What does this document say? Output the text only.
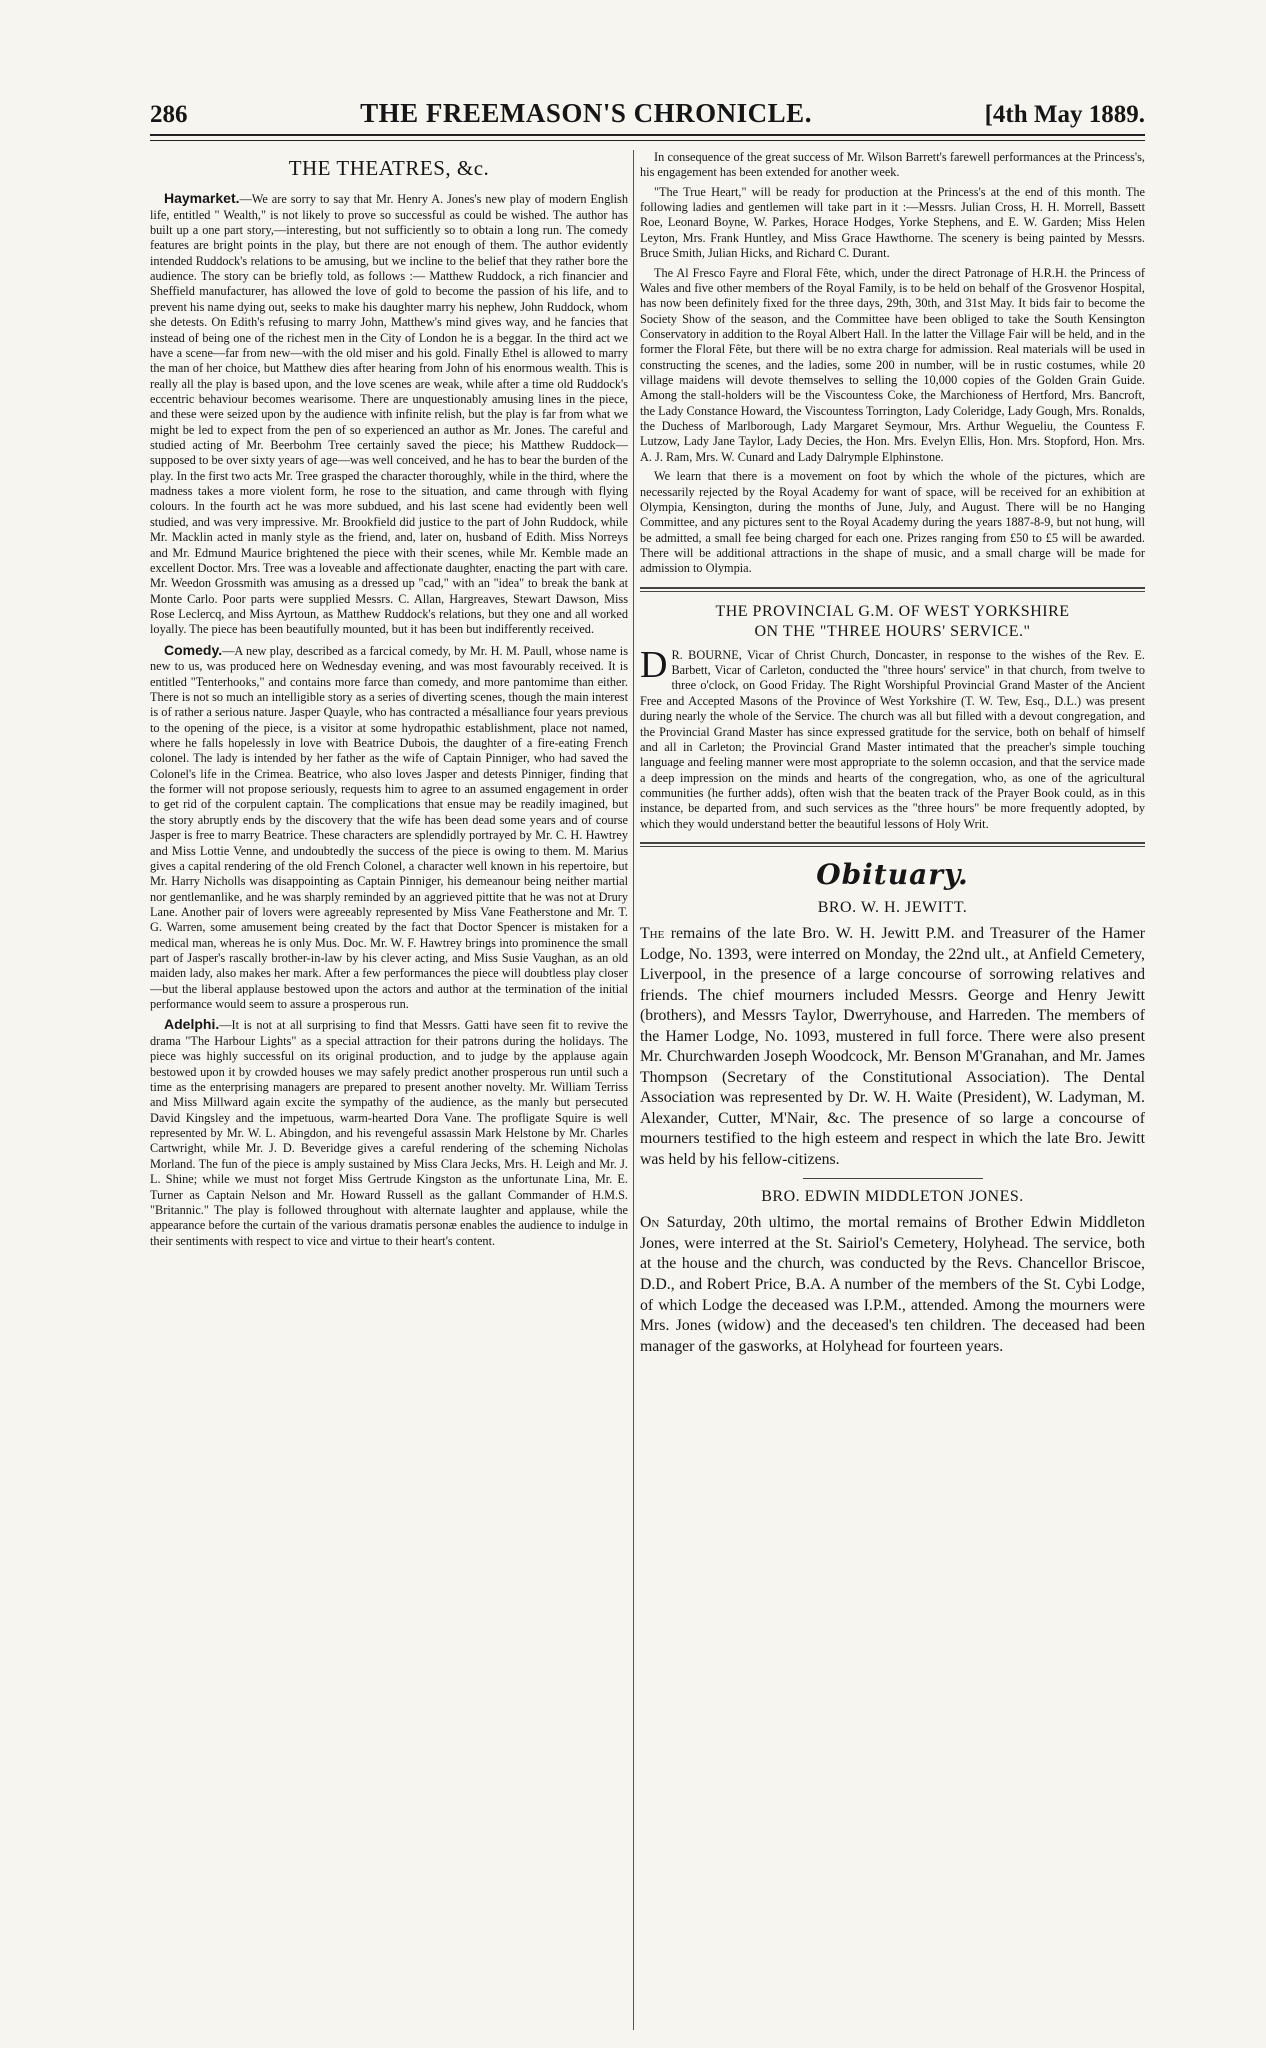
286	THE FREEMASON'S CHRONICLE.	[4th May 1889.
THE THEATRES, &c.

Haymarket.—We are sorry to say that Mr. Henry A. Jones's new play of modern English life, entitled " Wealth," is not likely to prove so successful as could be wished. The author has built up a one part story,—interesting, but not sufficiently so to obtain a long run. The comedy features are bright points in the play, but there are not enough of them. The author evidently intended Ruddock's relations to be amusing, but we incline to the belief that they rather bore the audience. The story can be briefly told, as follows :— Matthew Ruddock, a rich financier and Sheffield manufacturer, has allowed the love of gold to become the passion of his life, and to prevent his name dying out, seeks to make his daughter marry his nephew, John Ruddock, whom she detests. On Edith's refusing to marry John, Matthew's mind gives way, and he fancies that instead of being one of the richest men in the City of London he is a beggar. In the third act we have a scene—far from new—with the old miser and his gold. Finally Ethel is allowed to marry the man of her choice, but Matthew dies after hearing from John of his enormous wealth. This is really all the play is based upon, and the love scenes are weak, while after a time old Ruddock's eccentric behaviour becomes wearisome. There are unquestionably amusing lines in the piece, and these were seized upon by the audience with infinite relish, but the play is far from what we might be led to expect from the pen of so experienced an author as Mr. Jones. The careful and studied acting of Mr. Beerbohm Tree certainly saved the piece; his Matthew Ruddock—supposed to be over sixty years of age—was well conceived, and he has to bear the burden of the play. In the first two acts Mr. Tree grasped the character thoroughly, while in the third, where the madness takes a more violent form, he rose to the situation, and came through with flying colours. In the fourth act he was more subdued, and his last scene had evidently been well studied, and was very impressive. Mr. Brookfield did justice to the part of John Ruddock, while Mr. Macklin acted in manly style as the friend, and, later on, husband of Edith. Miss Norreys and Mr. Edmund Maurice brightened the piece with their scenes, while Mr. Kemble made an excellent Doctor. Mrs. Tree was a loveable and affectionate daughter, enacting the part with care. Mr. Weedon Grossmith was amusing as a dressed up "cad," with an "idea" to break the bank at Monte Carlo. Poor parts were supplied Messrs. C. Allan, Hargreaves, Stewart Dawson, Miss Rose Leclercq, and Miss Ayrtoun, as Matthew Ruddock's relations, but they one and all worked loyally. The piece has been beautifully mounted, but it has been but indifferently received.

Comedy.—A new play, described as a farcical comedy, by Mr. H. M. Paull, whose name is new to us, was produced here on Wednesday evening, and was most favourably received. It is entitled "Tenterhooks," and contains more farce than comedy, and more pantomime than either. There is not so much an intelligible story as a series of diverting scenes, though the main interest is of rather a serious nature. Jasper Quayle, who has contracted a mésalliance four years previous to the opening of the piece, is a visitor at some hydropathic establishment, place not named, where he falls hopelessly in love with Beatrice Dubois, the daughter of a fire-eating French colonel. The lady is intended by her father as the wife of Captain Pinniger, who had saved the Colonel's life in the Crimea. Beatrice, who also loves Jasper and detests Pinniger, finding that the former will not propose seriously, requests him to agree to an assumed engagement in order to get rid of the corpulent captain. The complications that ensue may be readily imagined, but the story abruptly ends by the discovery that the wife has been dead some years and of course Jasper is free to marry Beatrice. These characters are splendidly portrayed by Mr. C. H. Hawtrey and Miss Lottie Venne, and undoubtedly the success of the piece is owing to them. M. Marius gives a capital rendering of the old French Colonel, a character well known in his repertoire, but Mr. Harry Nicholls was disappointing as Captain Pinniger, his demeanour being neither martial nor gentlemanlike, and he was sharply reminded by an aggrieved pittite that he was not at Drury Lane. Another pair of lovers were agreeably represented by Miss Vane Featherstone and Mr. T. G. Warren, some amusement being created by the fact that Doctor Spencer is mistaken for a medical man, whereas he is only Mus. Doc. Mr. W. F. Hawtrey brings into prominence the small part of Jasper's rascally brother-in-law by his clever acting, and Miss Susie Vaughan, as an old maiden lady, also makes her mark. After a few performances the piece will doubtless play closer —but the liberal applause bestowed upon the actors and author at the termination of the initial performance would seem to assure a prosperous run.

Adelphi.—It is not at all surprising to find that Messrs. Gatti have seen fit to revive the drama "The Harbour Lights" as a special attraction for their patrons during the holidays. The piece was highly successful on its original production, and to judge by the applause again bestowed upon it by crowded houses we may safely predict another prosperous run until such a time as the enterprising managers are prepared to present another novelty. Mr. William Terriss and Miss Millward again excite the sympathy of the audience, as the manly but persecuted David Kingsley and the impetuous, warm-hearted Dora Vane. The profligate Squire is well represented by Mr. W. L. Abingdon, and his revengeful assassin Mark Helstone by Mr. Charles Cartwright, while Mr. J. D. Beveridge gives a careful rendering of the scheming Nicholas Morland. The fun of the piece is amply sustained by Miss Clara Jecks, Mrs. H. Leigh and Mr. J. L. Shine; while we must not forget Miss Gertrude Kingston as the unfortunate Lina, Mr. E. Turner as Captain Nelson and Mr. Howard Russell as the gallant Commander of H.M.S. "Britannic." The play is followed throughout with alternate laughter and applause, while the appearance before the curtain of the various dramatis personæ enables the audience to indulge in their sentiments with respect to vice and virtue to their heart's content.

In consequence of the great success of Mr. Wilson Barrett's farewell performances at the Princess's, his engagement has been extended for another week.

"The True Heart," will be ready for production at the Princess's at the end of this month. The following ladies and gentlemen will take part in it :—Messrs. Julian Cross, H. H. Morrell, Bassett Roe, Leonard Boyne, W. Parkes, Horace Hodges, Yorke Stephens, and E. W. Garden; Miss Helen Leyton, Mrs. Frank Huntley, and Miss Grace Hawthorne. The scenery is being painted by Messrs. Bruce Smith, Julian Hicks, and Richard C. Durant.

The Al Fresco Fayre and Floral Fête, which, under the direct Patronage of H.R.H. the Princess of Wales and five other members of the Royal Family, is to be held on behalf of the Grosvenor Hospital, has now been definitely fixed for the three days, 29th, 30th, and 31st May. It bids fair to become the Society Show of the season, and the Committee have been obliged to take the South Kensington Conservatory in addition to the Royal Albert Hall. In the latter the Village Fair will be held, and in the former the Floral Fête, but there will be no extra charge for admission. Real materials will be used in constructing the scenes, and the ladies, some 200 in number, will be in rustic costumes, while 20 village maidens will devote themselves to selling the 10,000 copies of the Golden Grain Guide. Among the stall-holders will be the Viscountess Coke, the Marchioness of Hertford, Mrs. Bancroft, the Lady Constance Howard, the Viscountess Torrington, Lady Coleridge, Lady Gough, Mrs. Ronalds, the Duchess of Marlborough, Lady Margaret Seymour, Mrs. Arthur Wegueliu, the Countess F. Lutzow, Lady Jane Taylor, Lady Decies, the Hon. Mrs. Evelyn Ellis, Hon. Mrs. Stopford, Hon. Mrs. A. J. Ram, Mrs. W. Cunard and Lady Dalrymple Elphinstone.

We learn that there is a movement on foot by which the whole of the pictures, which are necessarily rejected by the Royal Academy for want of space, will be received for an exhibition at Olympia, Kensington, during the months of June, July, and August. There will be no Hanging Committee, and any pictures sent to the Royal Academy during the years 1887-8-9, but not hung, will be admitted, a small fee being charged for each one. Prizes ranging from £50 to £5 will be awarded. There will be additional attractions in the shape of music, and a small charge will be made for admission to Olympia.

THE PROVINCIAL G.M. OF WEST YORKSHIRE
ON THE "THREE HOURS' SERVICE."

D R. BOURNE, Vicar of Christ Church, Doncaster, in response to the wishes of the Rev. E. Barbett, Vicar of Carleton, conducted the "three hours' service" in that church, from twelve to three o'clock, on Good Friday. The Right Worshipful Provincial Grand Master of the Ancient Free and Accepted Masons of the Province of West Yorkshire (T. W. Tew, Esq., D.L.) was present during nearly the whole of the Service. The church was all but filled with a devout congregation, and the Provincial Grand Master has since expressed gratitude for the service, both on behalf of himself and all in Carleton; the Provincial Grand Master intimated that the preacher's simple touching language and feeling manner were most appropriate to the solemn occasion, and that the service made a deep impression on the minds and hearts of the congregation, who, as one of the agricultural communities (he further adds), often wish that the beaten track of the Prayer Book could, as in this instance, be departed from, and such services as the "three hours" be more frequently adopted, by which they would understand better the beautiful lessons of Holy Writ.

Obituary.
BRO. W. H. JEWITT.

The remains of the late Bro. W. H. Jewitt P.M. and Treasurer of the Hamer Lodge, No. 1393, were interred on Monday, the 22nd ult., at Anfield Cemetery, Liverpool, in the presence of a large concourse of sorrowing relatives and friends. The chief mourners included Messrs. George and Henry Jewitt (brothers), and Messrs Taylor, Dwerryhouse, and Harreden. The members of the Hamer Lodge, No. 1093, mustered in full force. There were also present Mr. Churchwarden Joseph Woodcock, Mr. Benson M'Granahan, and Mr. James Thompson (Secretary of the Constitutional Association). The Dental Association was represented by Dr. W. H. Waite (President), W. Ladyman, M. Alexander, Cutter, M'Nair, &c. The presence of so large a concourse of mourners testified to the high esteem and respect in which the late Bro. Jewitt was held by his fellow-citizens.

BRO. EDWIN MIDDLETON JONES.

On Saturday, 20th ultimo, the mortal remains of Brother Edwin Middleton Jones, were interred at the St. Sairiol's Cemetery, Holyhead. The service, both at the house and the church, was conducted by the Revs. Chancellor Briscoe, D.D., and Robert Price, B.A. A number of the members of the St. Cybi Lodge, of which Lodge the deceased was I.P.M., attended. Among the mourners were Mrs. Jones (widow) and the deceased's ten children. The deceased had been manager of the gasworks, at Holyhead for fourteen years.
